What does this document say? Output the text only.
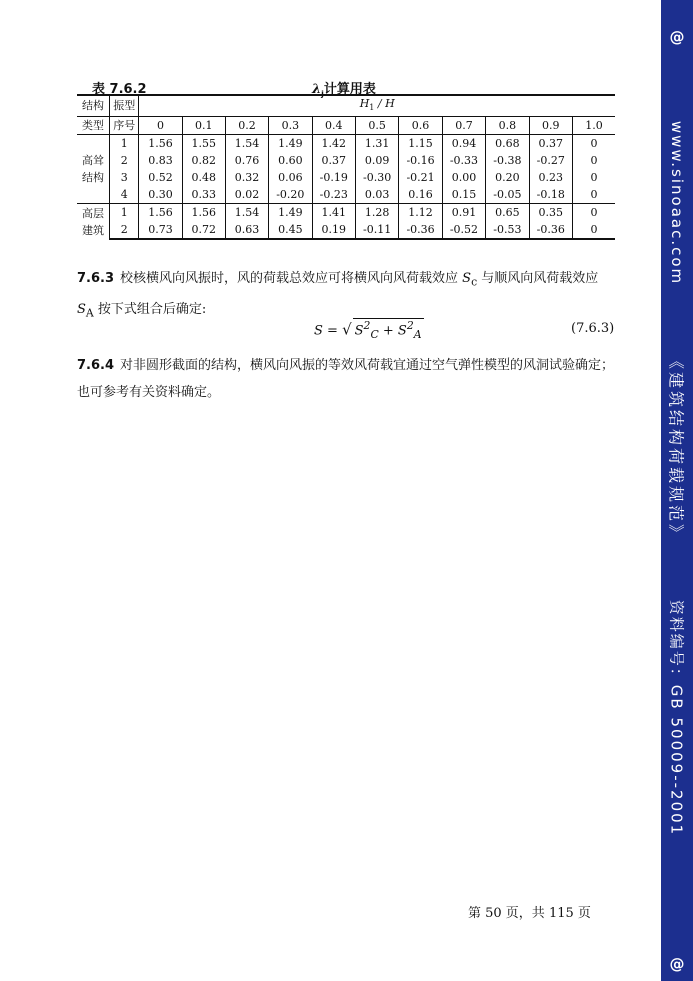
@
www.sinoaac.com
《建筑结构荷载规范》
资料编号：GB 50009--2001
@
表 7.6.2	$\lambda_j$计算用表
结构	振型	$H_1$ / H										
类型	序号	0	0.1	0.2	0.3	0.4	0.5	0.6	0.7	0.8	0.9	1.0

高耸
结构	1	1.56	1.55	1.54	1.49	1.42	1.31	1.15	0.94	0.68	0.37	0
	2	0.83	0.82	0.76	0.60	0.37	0.09	-0.16	-0.33	-0.38	-0.27	0
	3	0.52	0.48	0.32	0.06	-0.19	-0.30	-0.21	0.00	0.20	0.23	0
	4	0.30	0.33	0.02	-0.20	-0.23	0.03	0.16	0.15	-0.05	-0.18	0

高层
建筑	1	1.56	1.56	1.54	1.49	1.41	1.28	1.12	0.91	0.65	0.35	0
	2	0.73	0.72	0.63	0.45	0.19	-0.11	-0.36	-0.52	-0.53	-0.36	0
7.6.3 校核横风向风振时，风的荷载总效应可将横风向风荷载效应 $S_c$ 与顺风向风荷载效应 $S_A$ 按下式组合后确定:
S = √ $S^2_C + S^2_A$	(7.6.3)
7.6.4 对非圆形截面的结构，横风向风振的等效风荷载宜通过空气弹性模型的风洞试验确定；也可参考有关资料确定。
第 50 页，共 115 页
